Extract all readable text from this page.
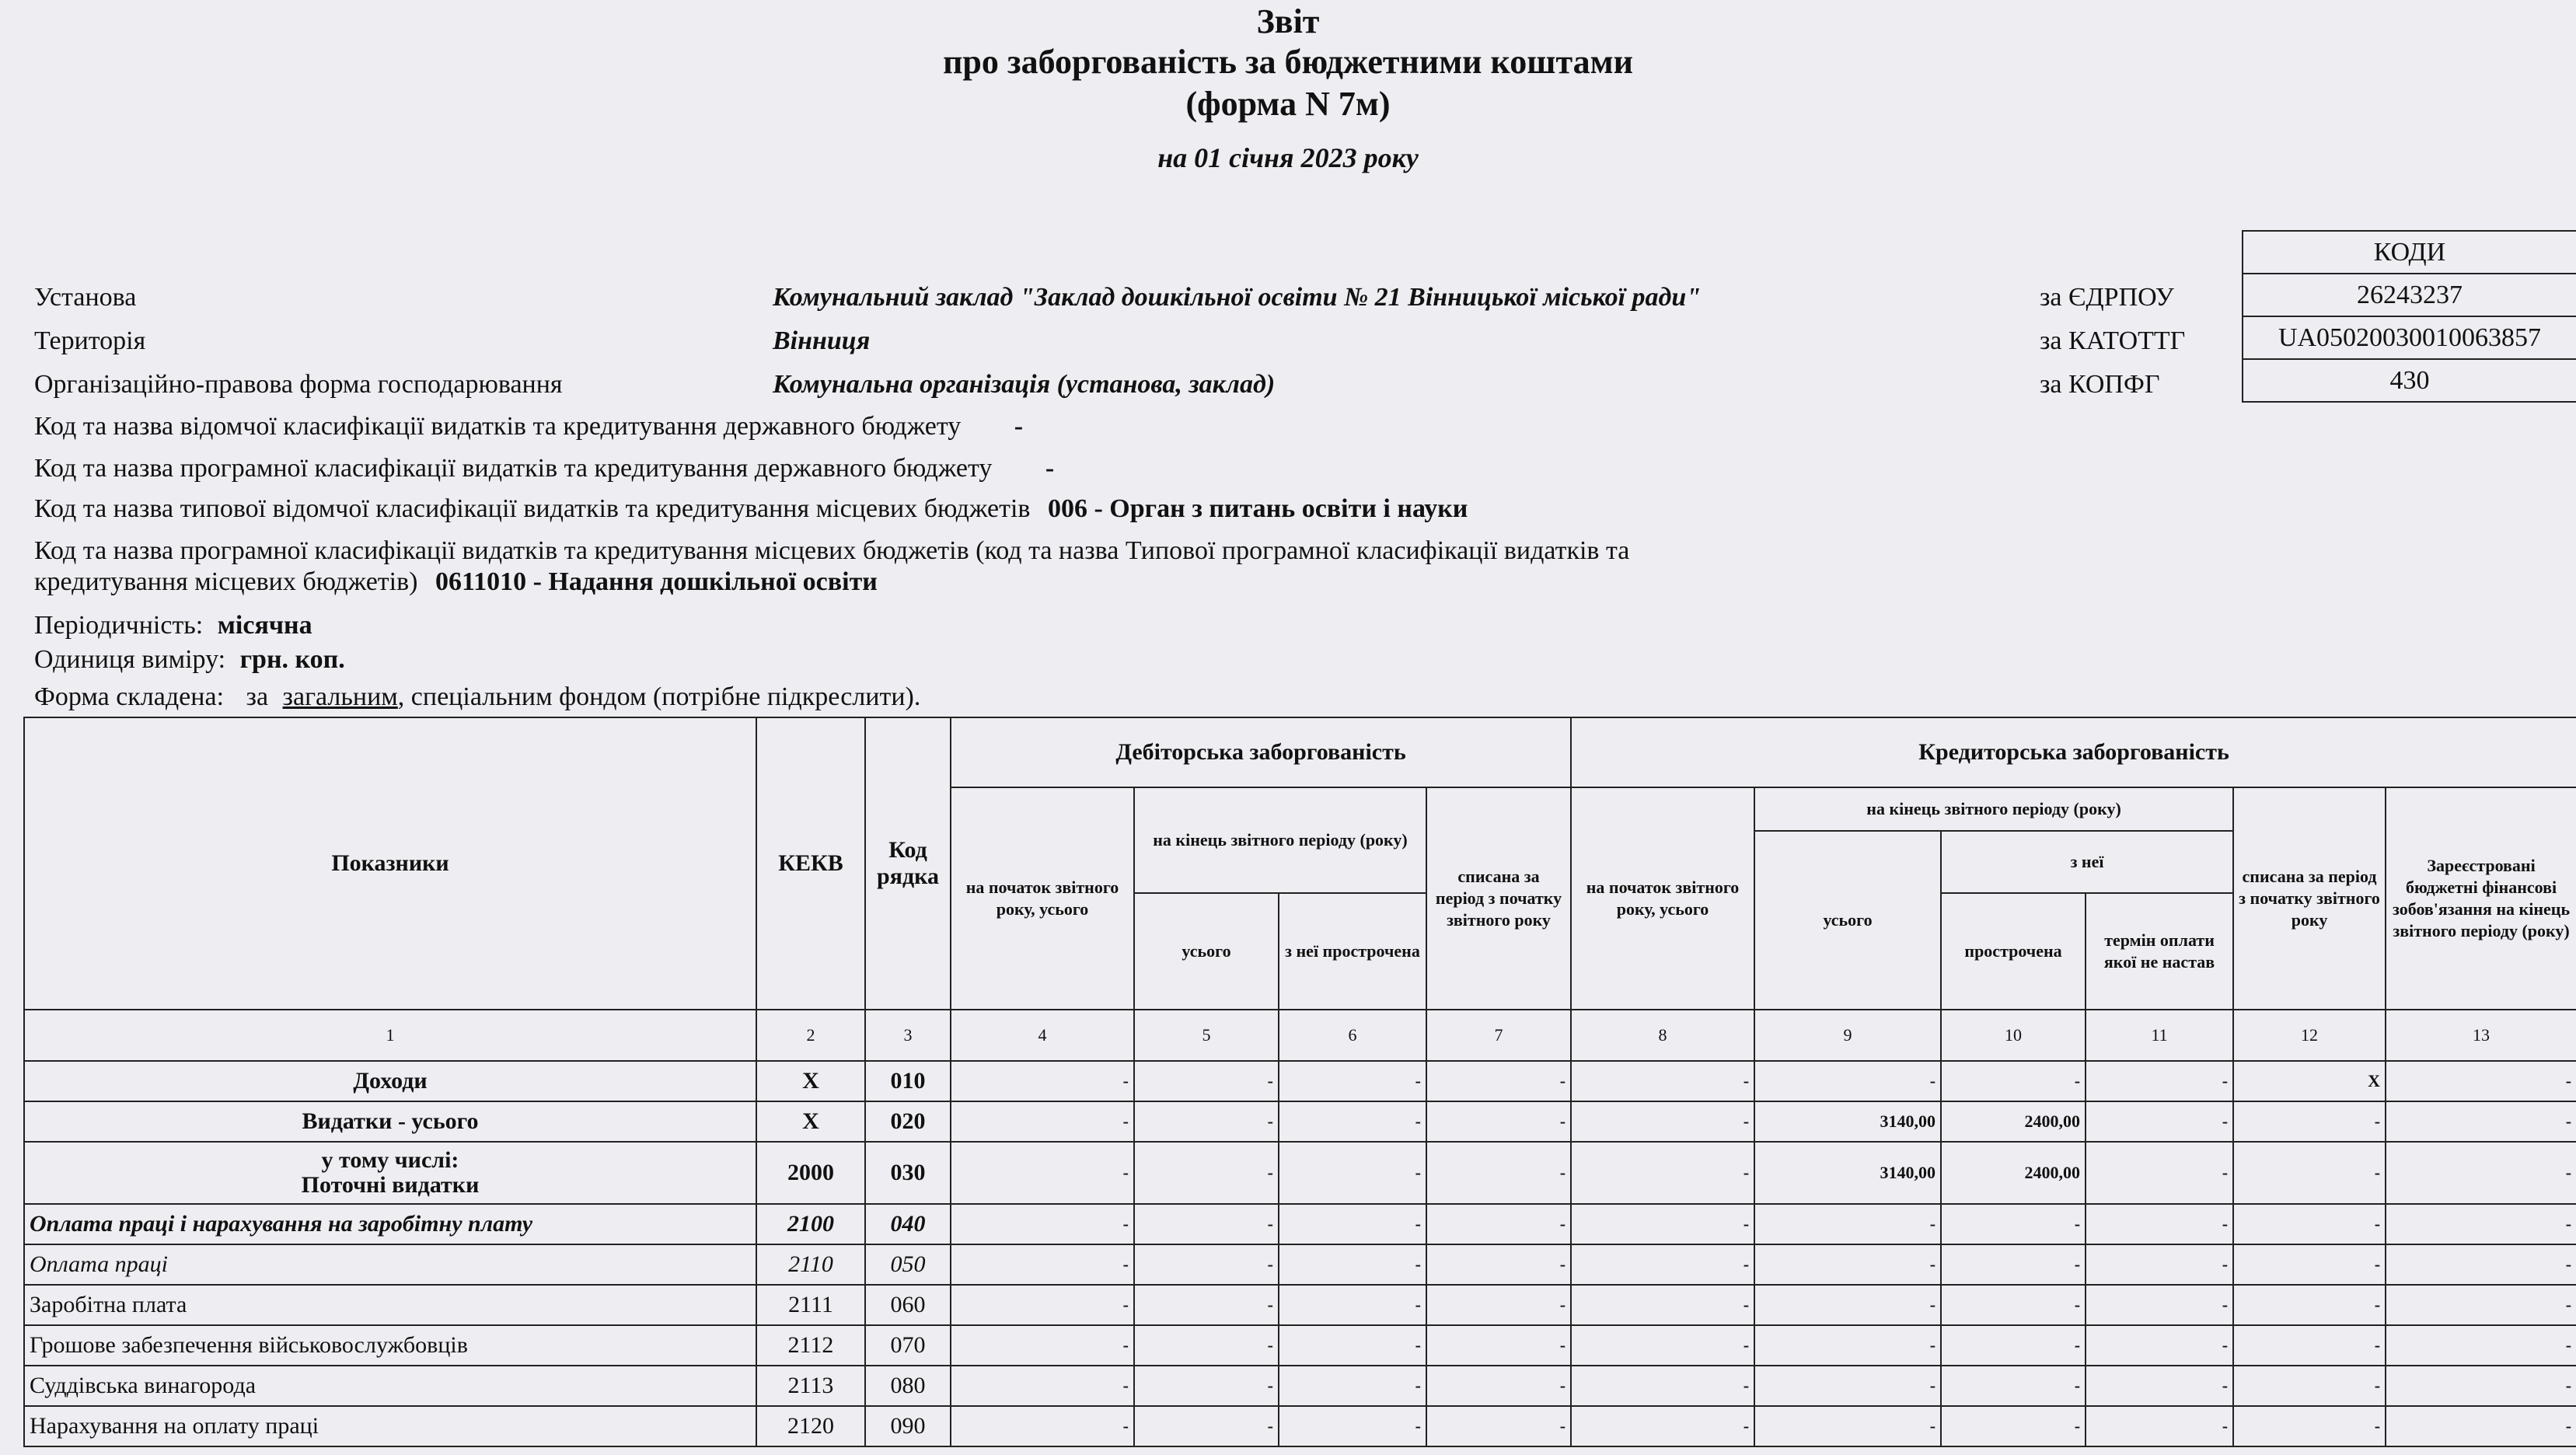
Звіт
про заборгованість за бюджетними коштами
(форма N 7м)
на 01 січня 2023 року
КОДИ
26243237
UA05020030010063857
430
за ЄДРПОУ
за КАТОТТГ
за КОПФГ
Установа	Комунальний заклад "Заклад дошкільної освіти № 21 Вінницької міської ради"
Територія	Вінниця
Організаційно-правова форма господарювання	Комунальна організація (установа, заклад)
Код та назва відомчої класифікації видатків та кредитування державного бюджету -
Код та назва програмної класифікації видатків та кредитування державного бюджету -
Код та назва типової відомчої класифікації видатків та кредитування місцевих бюджетів 006 - Орган з питань освіти і науки
Код та назва програмної класифікації видатків та кредитування місцевих бюджетів (код та назва Типової програмної класифікації видатків та
кредитування місцевих бюджетів) 0611010 - Надання дошкільної освіти
Періодичність: місячна
Одиниця виміру: грн. коп.
Форма складена: за загальним, спеціальним фондом (потрібне підкреслити).
Показники	КЕКВ	Код рядка	Дебіторська заборгованість				Кредиторська заборгованість						
			на початок звітного року, усього	на кінець звітного періоду (року)		списана за період з початку звітного року	на початок звітного року, усього	на кінець звітного періоду (року)			списана за період з початку звітного року	Зареєстровані бюджетні фінансові зобов'язання на кінець звітного періоду (року)	
								усього	з неї				
				усього	з неї прострочена				прострочена	термін оплати якої не настав			
1	2	3	4	5	6	7	8	9	10	11	12	13	
Доходи	X	010	-	-	-	-	-	-	-	-	X	-	
Видатки - усього	X	020	-	-	-	-	-	3140,00	2400,00	-	-	-	

у тому числі:
Поточні видатки	2000	030	-	-	-	-	-	3140,00	2400,00	-	-	-	
Оплата праці і нарахування на заробітну плату	2100	040	-	-	-	-	-	-	-	-	-	-	
Оплата праці	2110	050	-	-	-	-	-	-	-	-	-	-	
Заробітна плата	2111	060	-	-	-	-	-	-	-	-	-	-	
Грошове забезпечення військовослужбовців	2112	070	-	-	-	-	-	-	-	-	-	-	
Суддівська винагорода	2113	080	-	-	-	-	-	-	-	-	-	-	
Нарахування на оплату праці	2120	090	-	-	-	-	-	-	-	-	-	-	
